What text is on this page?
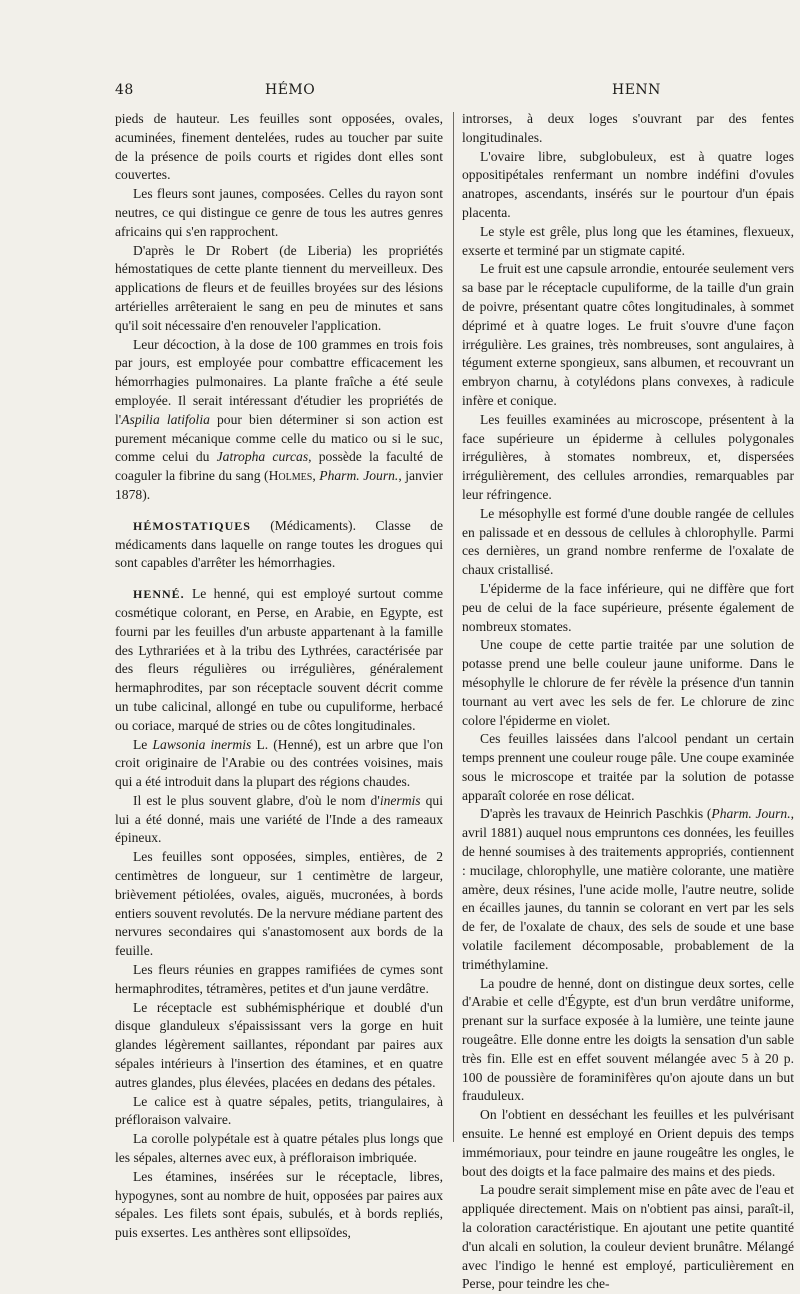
48	HÉMO	HENN

pieds de hauteur. Les feuilles sont opposées, ovales, acuminées, finement dentelées, rudes au toucher par suite de la présence de poils courts et rigides dont elles sont couvertes.

Les fleurs sont jaunes, composées. Celles du rayon sont neutres, ce qui distingue ce genre de tous les autres genres africains qui s'en rapprochent.

D'après le Dr Robert (de Liberia) les propriétés hémostatiques de cette plante tiennent du merveilleux. Des applications de fleurs et de feuilles broyées sur des lésions artérielles arrêteraient le sang en peu de minutes et sans qu'il soit nécessaire d'en renouveler l'application.

Leur décoction, à la dose de 100 grammes en trois fois par jours, est employée pour combattre efficacement les hémorrhagies pulmonaires. La plante fraîche a été seule employée. Il serait intéressant d'étudier les propriétés de l'Aspilia latifolia pour bien déterminer si son action est purement mécanique comme celle du matico ou si le suc, comme celui du Jatropha curcas, possède la faculté de coaguler la fibrine du sang (Holmes, Pharm. Journ., janvier 1878).

HÉMOSTATIQUES (Médicaments). Classe de médicaments dans laquelle on range toutes les drogues qui sont capables d'arrêter les hémorrhagies.

HENNÉ. Le henné, qui est employé surtout comme cosmétique colorant, en Perse, en Arabie, en Egypte, est fourni par les feuilles d'un arbuste appartenant à la famille des Lythrariées et à la tribu des Lythrées, caractérisée par des fleurs régulières ou irrégulières, généralement hermaphrodites, par son réceptacle souvent décrit comme un tube calicinal, allongé en tube ou cupuliforme, herbacé ou coriace, marqué de stries ou de côtes longitudinales.

Le Lawsonia inermis L. (Henné), est un arbre que l'on croit originaire de l'Arabie ou des contrées voisines, mais qui a été introduit dans la plupart des régions chaudes.

Il est le plus souvent glabre, d'où le nom d'inermis qui lui a été donné, mais une variété de l'Inde a des rameaux épineux.

Les feuilles sont opposées, simples, entières, de 2 centimètres de longueur, sur 1 centimètre de largeur, brièvement pétiolées, ovales, aiguës, mucronées, à bords entiers souvent revolutés. De la nervure médiane partent des nervures secondaires qui s'anastomosent aux bords de la feuille.

Les fleurs réunies en grappes ramifiées de cymes sont hermaphrodites, tétramères, petites et d'un jaune verdâtre.

Le réceptacle est subhémisphérique et doublé d'un disque glanduleux s'épaississant vers la gorge en huit glandes légèrement saillantes, répondant par paires aux sépales intérieurs à l'insertion des étamines, et en quatre autres glandes, plus élevées, placées en dedans des pétales.

Le calice est à quatre sépales, petits, triangulaires, à préfloraison valvaire.

La corolle polypétale est à quatre pétales plus longs que les sépales, alternes avec eux, à préfloraison imbriquée.

Les étamines, insérées sur le réceptacle, libres, hypogynes, sont au nombre de huit, opposées par paires aux sépales. Les filets sont épais, subulés, et à bords repliés, puis exsertes. Les anthères sont ellipsoïdes,

introrses, à deux loges s'ouvrant par des fentes longitudinales.

L'ovaire libre, subglobuleux, est à quatre loges oppositipétales renfermant un nombre indéfini d'ovules anatropes, ascendants, insérés sur le pourtour d'un épais placenta.

Le style est grêle, plus long que les étamines, flexueux, exserte et terminé par un stigmate capité.

Le fruit est une capsule arrondie, entourée seulement vers sa base par le réceptacle cupuliforme, de la taille d'un grain de poivre, présentant quatre côtes longitudinales, à sommet déprimé et à quatre loges. Le fruit s'ouvre d'une façon irrégulière. Les graines, très nombreuses, sont angulaires, à tégument externe spongieux, sans albumen, et recouvrant un embryon charnu, à cotylédons plans convexes, à radicule infère et conique.

Les feuilles examinées au microscope, présentent à la face supérieure un épiderme à cellules polygonales irrégulières, à stomates nombreux, et, dispersées irrégulièrement, des cellules arrondies, remarquables par leur réfringence.

Le mésophylle est formé d'une double rangée de cellules en palissade et en dessous de cellules à chlorophylle. Parmi ces dernières, un grand nombre renferme de l'oxalate de chaux cristallisé.

L'épiderme de la face inférieure, qui ne diffère que fort peu de celui de la face supérieure, présente également de nombreux stomates.

Une coupe de cette partie traitée par une solution de potasse prend une belle couleur jaune uniforme. Dans le mésophylle le chlorure de fer révèle la présence d'un tannin tournant au vert avec les sels de fer. Le chlorure de zinc colore l'épiderme en violet.

Ces feuilles laissées dans l'alcool pendant un certain temps prennent une couleur rouge pâle. Une coupe examinée sous le microscope et traitée par la solution de potasse apparaît colorée en rose délicat.

D'après les travaux de Heinrich Paschkis (Pharm. Journ., avril 1881) auquel nous empruntons ces données, les feuilles de henné soumises à des traitements appropriés, contiennent : mucilage, chlorophylle, une matière colorante, une matière amère, deux résines, l'une acide molle, l'autre neutre, solide en écailles jaunes, du tannin se colorant en vert par les sels de fer, de l'oxalate de chaux, des sels de soude et une base volatile facilement décomposable, probablement de la triméthylamine.

La poudre de henné, dont on distingue deux sortes, celle d'Arabie et celle d'Égypte, est d'un brun verdâtre uniforme, prenant sur la surface exposée à la lumière, une teinte jaune rougeâtre. Elle donne entre les doigts la sensation d'un sable très fin. Elle est en effet souvent mélangée avec 5 à 20 p. 100 de poussière de foraminifères qu'on ajoute dans un but frauduleux.

On l'obtient en desséchant les feuilles et les pulvérisant ensuite. Le henné est employé en Orient depuis des temps immémoriaux, pour teindre en jaune rougeâtre les ongles, le bout des doigts et la face palmaire des mains et des pieds.

La poudre serait simplement mise en pâte avec de l'eau et appliquée directement. Mais on n'obtient pas ainsi, paraît-il, la coloration caractéristique. En ajoutant une petite quantité d'un alcali en solution, la couleur devient brunâtre. Mélangé avec l'indigo le henné est employé, particulièrement en Perse, pour teindre les che-
